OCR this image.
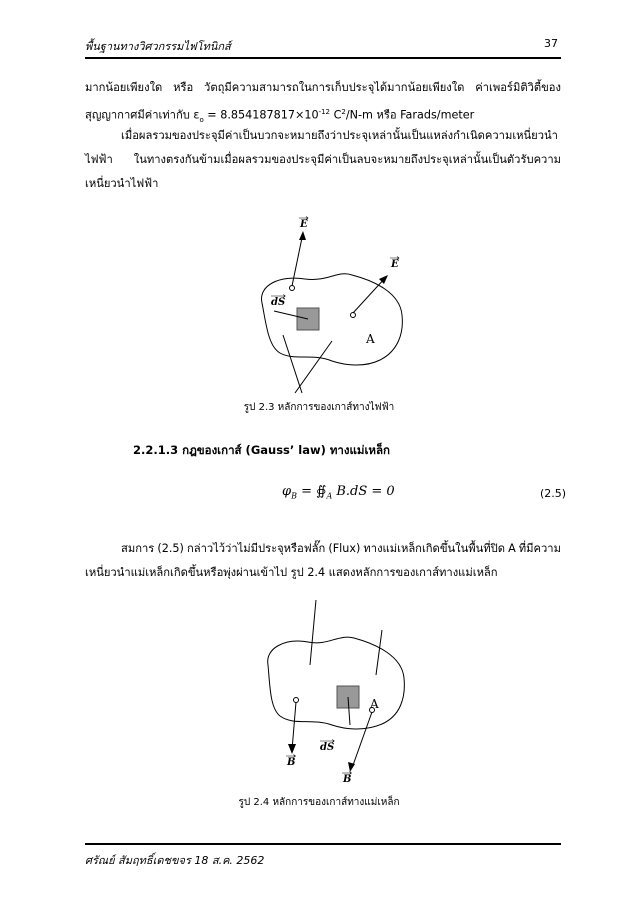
พื้นฐานทางวิศวกรรมไฟโทนิกส์	37
มากน้อยเพียงใด หรือ วัตถุมีความสามารถในการเก็บประจุได้มากน้อยเพียงใด ค่าเพอร์มิติวิตี้ของ
สุญญากาศมีค่าเท่ากับ $\varepsilon_o = 8.854187817\times 10^{-12}$ $C^2/N-m$ หรือ Farads/meter
เมื่อผลรวมของประจุมีค่าเป็นบวกจะหมายถึงว่าประจุเหล่านั้นเป็นแหล่งกำเนิดความเหนี่ยวนำ
ไฟฟ้า ในทางตรงกันข้ามเมื่อผลรวมของประจุมีค่าเป็นลบจะหมายถึงประจุเหล่านั้นเป็นตัวรับความ
เหนี่ยวนำไฟฟ้า
E
E
dS
A
รูป 2.3 หลักการของเกาส์ทางไฟฟ้า
2.2.1.3 กฎของเกาส์ (Gauss’ law) ทางแม่เหล็ก
$\varphi_B$ = $∯_A$ B.dS = 0	(2.5)
สมการ (2.5) กล่าวไว้ว่าไม่มีประจุหรือฟลั๊ก (Flux) ทางแม่เหล็กเกิดขึ้นในพื้นที่ปิด A ที่มีความ
เหนี่ยวนำแม่เหล็กเกิดขึ้นหรือพุ่งผ่านเข้าไป รูป 2.4 แสดงหลักการของเกาส์ทางแม่เหล็ก
B
dS
B
A
รูป 2.4 หลักการของเกาส์ทางแม่เหล็ก
ศรัณย์ สัมฤทธิ์เดชขจร 18 ส.ค. 2562
